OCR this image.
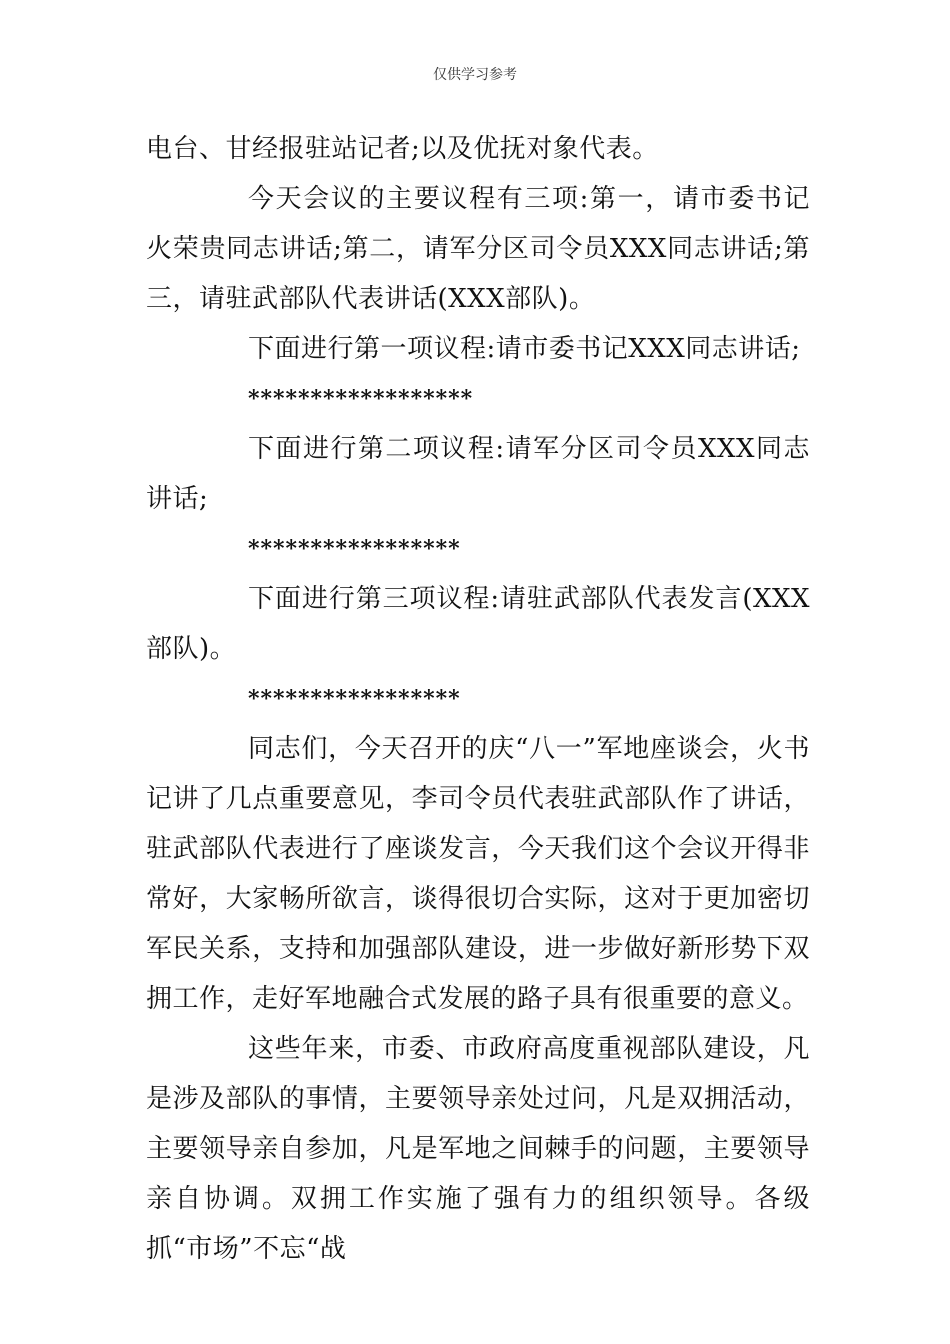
仅供学习参考

电台、甘经报驻站记者;以及优抚对象代表。

今天会议的主要议程有三项:第一，请市委书记火荣贵同志讲话;第二，请军分区司令员XXX同志讲话;第三，请驻武部队代表讲话(XXX部队)。

下面进行第一项议程:请市委书记XXX同志讲话;

******************

下面进行第二项议程:请军分区司令员XXX同志讲话;

*****************

下面进行第三项议程:请驻武部队代表发言(XXX部队)。

*****************

同志们，今天召开的庆“八一”军地座谈会，火书记讲了几点重要意见，李司令员代表驻武部队作了讲话，驻武部队代表进行了座谈发言，今天我们这个会议开得非常好，大家畅所欲言，谈得很切合实际，这对于更加密切军民关系，支持和加强部队建设，进一步做好新形势下双拥工作，走好军地融合式发展的路子具有很重要的意义。

这些年来，市委、市政府高度重视部队建设，凡是涉及部队的事情，主要领导亲处过问，凡是双拥活动，主要领导亲自参加，凡是军地之间棘手的问题，主要领导亲自协调。双拥工作实施了强有力的组织领导。各级抓“市场”不忘“战
